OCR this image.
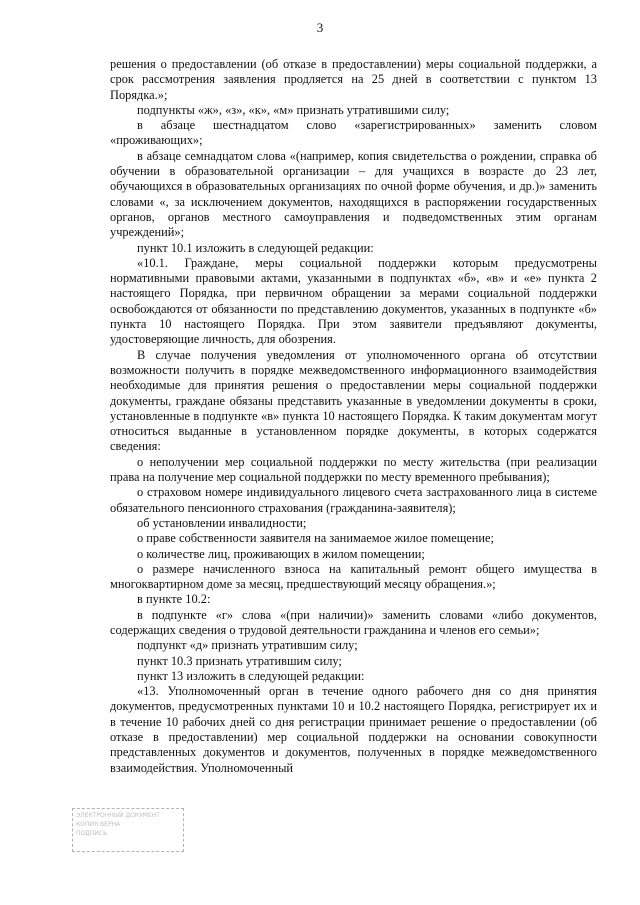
3

решения о предоставлении (об отказе в предоставлении) меры социальной поддержки, а срок рассмотрения заявления продляется на 25 дней в соответствии с пунктом 13 Порядка.»;

подпункты «ж», «з», «к», «м» признать утратившими силу;

в абзаце шестнадцатом слово «зарегистрированных» заменить словом «проживающих»;

в абзаце семнадцатом слова «(например, копия свидетельства о рождении, справка об обучении в образовательной организации – для учащихся в возрасте до 23 лет, обучающихся в образовательных организациях по очной форме обучения, и др.)» заменить словами «, за исключением документов, находящихся в распоряжении государственных органов, органов местного самоуправления и подведомственных этим органам учреждений»;

пункт 10.1 изложить в следующей редакции:

«10.1. Граждане, меры социальной поддержки которым предусмотрены нормативными правовыми актами, указанными в подпунктах «б», «в» и «е» пункта 2 настоящего Порядка, при первичном обращении за мерами социальной поддержки освобождаются от обязанности по представлению документов, указанных в подпункте «б» пункта 10 настоящего Порядка. При этом заявители предъявляют документы, удостоверяющие личность, для обозрения.

В случае получения уведомления от уполномоченного органа об отсутствии возможности получить в порядке межведомственного информационного взаимодействия необходимые для принятия решения о предоставлении меры социальной поддержки документы, граждане обязаны представить указанные в уведомлении документы в сроки, установленные в подпункте «в» пункта 10 настоящего Порядка. К таким документам могут относиться выданные в установленном порядке документы, в которых содержатся сведения:

о неполучении мер социальной поддержки по месту жительства (при реализации права на получение мер социальной поддержки по месту временного пребывания);

о страховом номере индивидуального лицевого счета застрахованного лица в системе обязательного пенсионного страхования (гражданина-заявителя);

об установлении инвалидности;

о праве собственности заявителя на занимаемое жилое помещение;

о количестве лиц, проживающих в жилом помещении;

о размере начисленного взноса на капитальный ремонт общего имущества в многоквартирном доме за месяц, предшествующий месяцу обращения.»;

в пункте 10.2:

в подпункте «г» слова «(при наличии)» заменить словами «либо документов, содержащих сведения о трудовой деятельности гражданина и членов его семьи»;

подпункт «д» признать утратившим силу;

пункт 10.3 признать утратившим силу;

пункт 13 изложить в следующей редакции:

«13. Уполномоченный орган в течение одного рабочего дня со дня принятия документов, предусмотренных пунктами 10 и 10.2 настоящего Порядка, регистрирует их и в течение 10 рабочих дней со дня регистрации принимает решение о предоставлении (об отказе в предоставлении) мер социальной поддержки на основании совокупности представленных документов и документов, полученных в порядке межведомственного взаимодействия. Уполномоченный

ЭЛЕКТРОННЫЙ ДОКУМЕНТ
КОПИЯ ВЕРНА
ПОДПИСЬ
